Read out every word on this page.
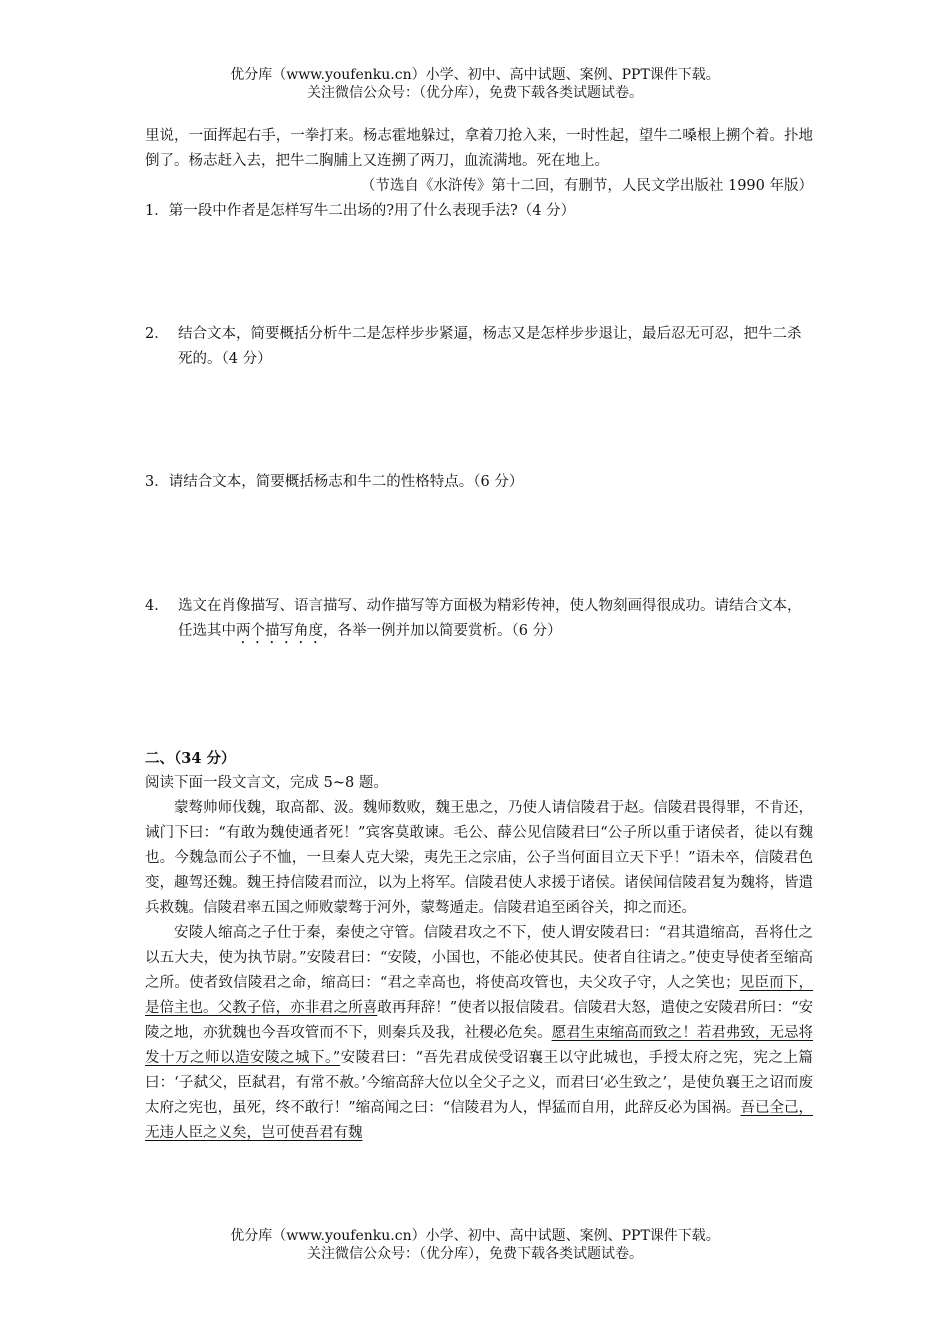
优分库（www.youfenku.cn）小学、初中、高中试题、案例、PPT课件下载。
关注微信公众号：（优分库），免费下载各类试题试卷。

里说，一面挥起右手，一拳打来。杨志霍地躲过，拿着刀抢入来，一时性起，望牛二嗓根上搠个着。扑地倒了。杨志赶入去，把牛二胸脯上又连搠了两刀，血流满地。死在地上。

（节选自《水浒传》第十二回，有删节，人民文学出版社 1990 年版）

1．第一段中作者是怎样写牛二出场的?用了什么表现手法?（4 分）

2． 结合文本，简要概括分析牛二是怎样步步紧逼，杨志又是怎样步步退让，最后忍无可忍，把牛二杀死的。（4 分）

3．请结合文本，简要概括杨志和牛二的性格特点。（6 分）

4． 选文在肖像描写、语言描写、动作描写等方面极为精彩传神，使人物刻画得很成功。请结合文本，任选其中两个描写角度，各举一例并加以简要赏析。（6 分）

二、（34 分）

阅读下面一段文言文，完成 5~8 题。

蒙骜帅师伐魏，取高都、汲。魏师数败，魏王患之，乃使人请信陵君于赵。信陵君畏得罪，不肯还，诫门下曰：“有敢为魏使通者死！”宾客莫敢谏。毛公、薛公见信陵君曰“公子所以重于诸侯者，徒以有魏也。今魏急而公子不恤，一旦秦人克大梁，夷先王之宗庙，公子当何面目立天下乎！”语未卒，信陵君色变，趣驾还魏。魏王持信陵君而泣，以为上将军。信陵君使人求援于诸侯。诸侯闻信陵君复为魏将，皆遣兵救魏。信陵君率五国之师败蒙骜于河外，蒙骜遁走。信陵君追至函谷关，抑之而还。

安陵人缩高之子仕于秦，秦使之守管。信陵君攻之不下，使人谓安陵君曰：“君其遣缩高，吾将仕之以五大夫，使为执节尉。”安陵君曰：“安陵，小国也，不能必使其民。使者自往请之。”使吏导使者至缩高之所。使者致信陵君之命，缩高曰：“君之幸高也，将使高攻管也，夫父攻子守，人之笑也；见臣而下，是倍主也。父教子倍，亦非君之所喜敢再拜辞！”使者以报信陵君。信陵君大怒，遣使之安陵君所曰：“安陵之地，亦犹魏也今吾攻管而不下，则秦兵及我，社稷必危矣。愿君生束缩高而致之！若君弗致，无忌将发十万之师以造安陵之城下。”安陵君曰：“吾先君成侯受诏襄王以守此城也，手授太府之宪，宪之上篇曰：‘子弑父，臣弑君，有常不赦。’今缩高辞大位以全父子之义，而君曰‘必生致之’，是使负襄王之诏而废太府之宪也，虽死，终不敢行！”缩高闻之曰：“信陵君为人，悍猛而自用，此辞反必为国祸。吾已全己，无违人臣之义矣，岂可使吾君有魏

优分库（www.youfenku.cn）小学、初中、高中试题、案例、PPT课件下载。
关注微信公众号：（优分库），免费下载各类试题试卷。
